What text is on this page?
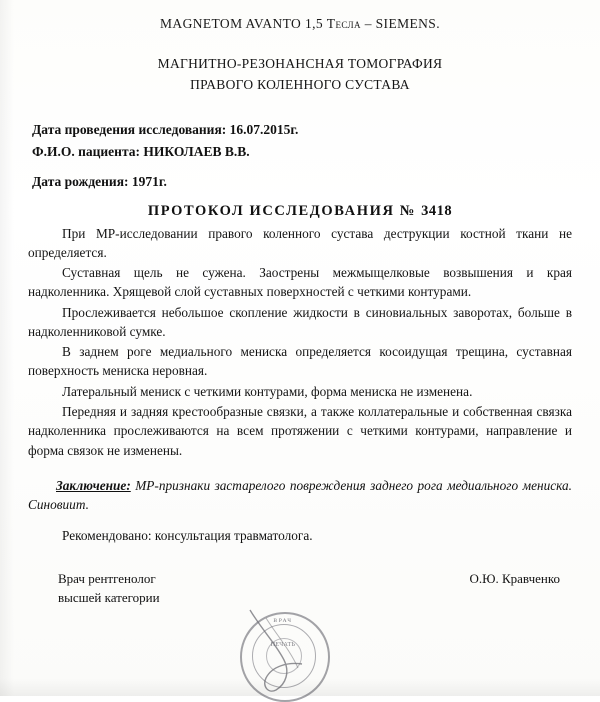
MAGNETOM AVANTO 1,5 Тесла – SIEMENS.
МАГНИТНО-РЕЗОНАНСНАЯ ТОМОГРАФИЯ
ПРАВОГО КОЛЕННОГО СУСТАВА
Дата проведения исследования: 16.07.2015г.
Ф.И.О. пациента: НИКОЛАЕВ В.В.
Дата рождения: 1971г.
ПРОТОКОЛ ИССЛЕДОВАНИЯ № 3418

При МР-исследовании правого коленного сустава деструкции костной ткани не определяется.

Суставная щель не сужена. Заострены межмыщелковые возвышения и края надколенника. Хрящевой слой суставных поверхностей с четкими контурами.

Прослеживается небольшое скопление жидкости в синовиальных заворотах, больше в надколенниковой сумке.

В заднем роге медиального мениска определяется косоидущая трещина, суставная поверхность мениска неровная.

Латеральный мениск с четкими контурами, форма мениска не изменена.

Передняя и задняя крестообразные связки, а также коллатеральные и собственная связка надколенника прослеживаются на всем протяжении с четкими контурами, направление и форма связок не изменены.

Заключение: МР-признаки застарелого повреждения заднего рога медиального мениска. Синовиит.
Рекомендовано: консультация травматолога.
Врач рентгенолог
высшей категории
О.Ю. Кравченко
ВРАЧ
ПЕЧАТЬ
